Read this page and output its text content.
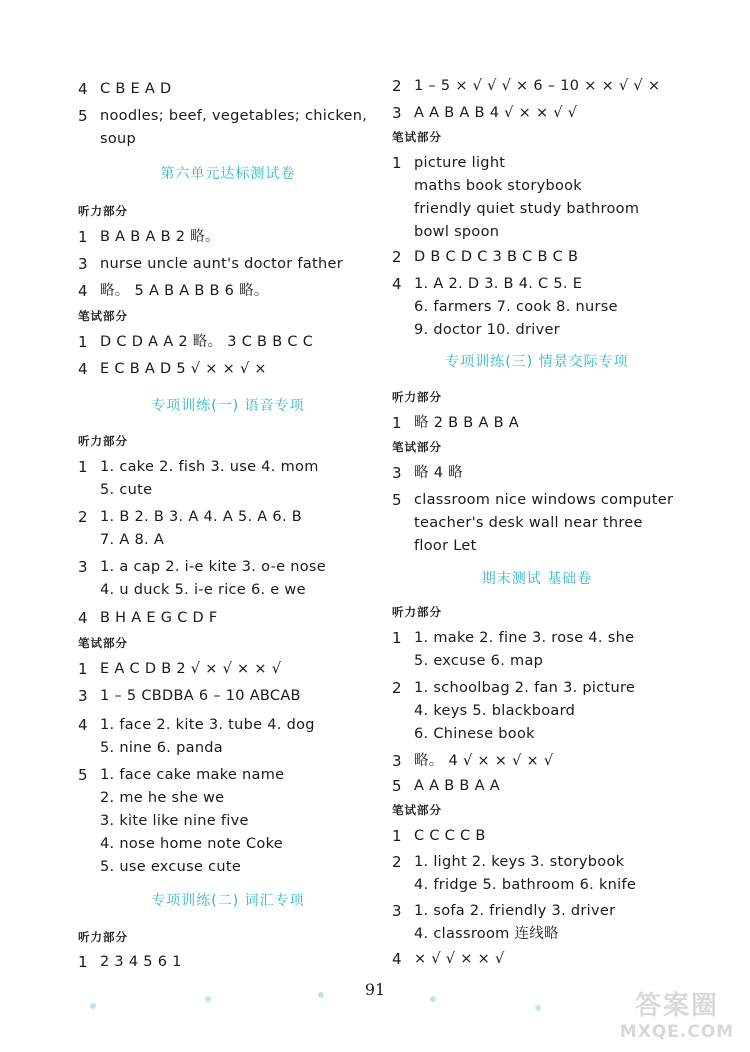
4 C B E A D
5 noodles; beef, vegetables; chicken,
soup
第六单元达标测试卷
听力部分
1 B A B A B 2 略。
3 nurse uncle aunt's doctor father
4 略。 5 A B A B B 6 略。
笔试部分
1 D C D A A 2 略。 3 C B B C C
4 E C B A D 5 √ × × √ ×
专项训练(一) 语音专项
听力部分
1 1. cake 2. fish 3. use 4. mom
5. cute
2 1. B 2. B 3. A 4. A 5. A 6. B
7. A 8. A
3 1. a cap 2. i-e kite 3. o-e nose
4. u duck 5. i-e rice 6. e we
4 B H A E G C D F
笔试部分
1 E A C D B 2 √ × √ × × √
3 1 – 5 CBDBA 6 – 10 ABCAB
4 1. face 2. kite 3. tube 4. dog
5. nine 6. panda
5 1. face cake make name
2. me he she we
3. kite like nine five
4. nose home note Coke
5. use excuse cute
专项训练(二) 词汇专项
听力部分
1 2 3 4 5 6 1
2 1 – 5 × √ √ √ × 6 – 10 × × √ √ ×
3 A A B A B 4 √ × × √ √
笔试部分
1 picture light
maths book storybook
friendly quiet study bathroom
bowl spoon
2 D B C D C 3 B C B C B
4 1. A 2. D 3. B 4. C 5. E
6. farmers 7. cook 8. nurse
9. doctor 10. driver
专项训练(三) 情景交际专项
听力部分
1 略 2 B B A B A
笔试部分
3 略 4 略
5 classroom nice windows computer
teacher's desk wall near three
floor Let
期末测试 基础卷
听力部分
1 1. make 2. fine 3. rose 4. she
5. excuse 6. map
2 1. schoolbag 2. fan 3. picture
4. keys 5. blackboard
6. Chinese book
3 略。 4 √ × × √ × √
5 A A B B A A
笔试部分
1 C C C C B
2 1. light 2. keys 3. storybook
4. fridge 5. bathroom 6. knife
3 1. sofa 2. friendly 3. driver
4. classroom 连线略
4 × √ √ × × √
91
答案圈
MXQE.COM
